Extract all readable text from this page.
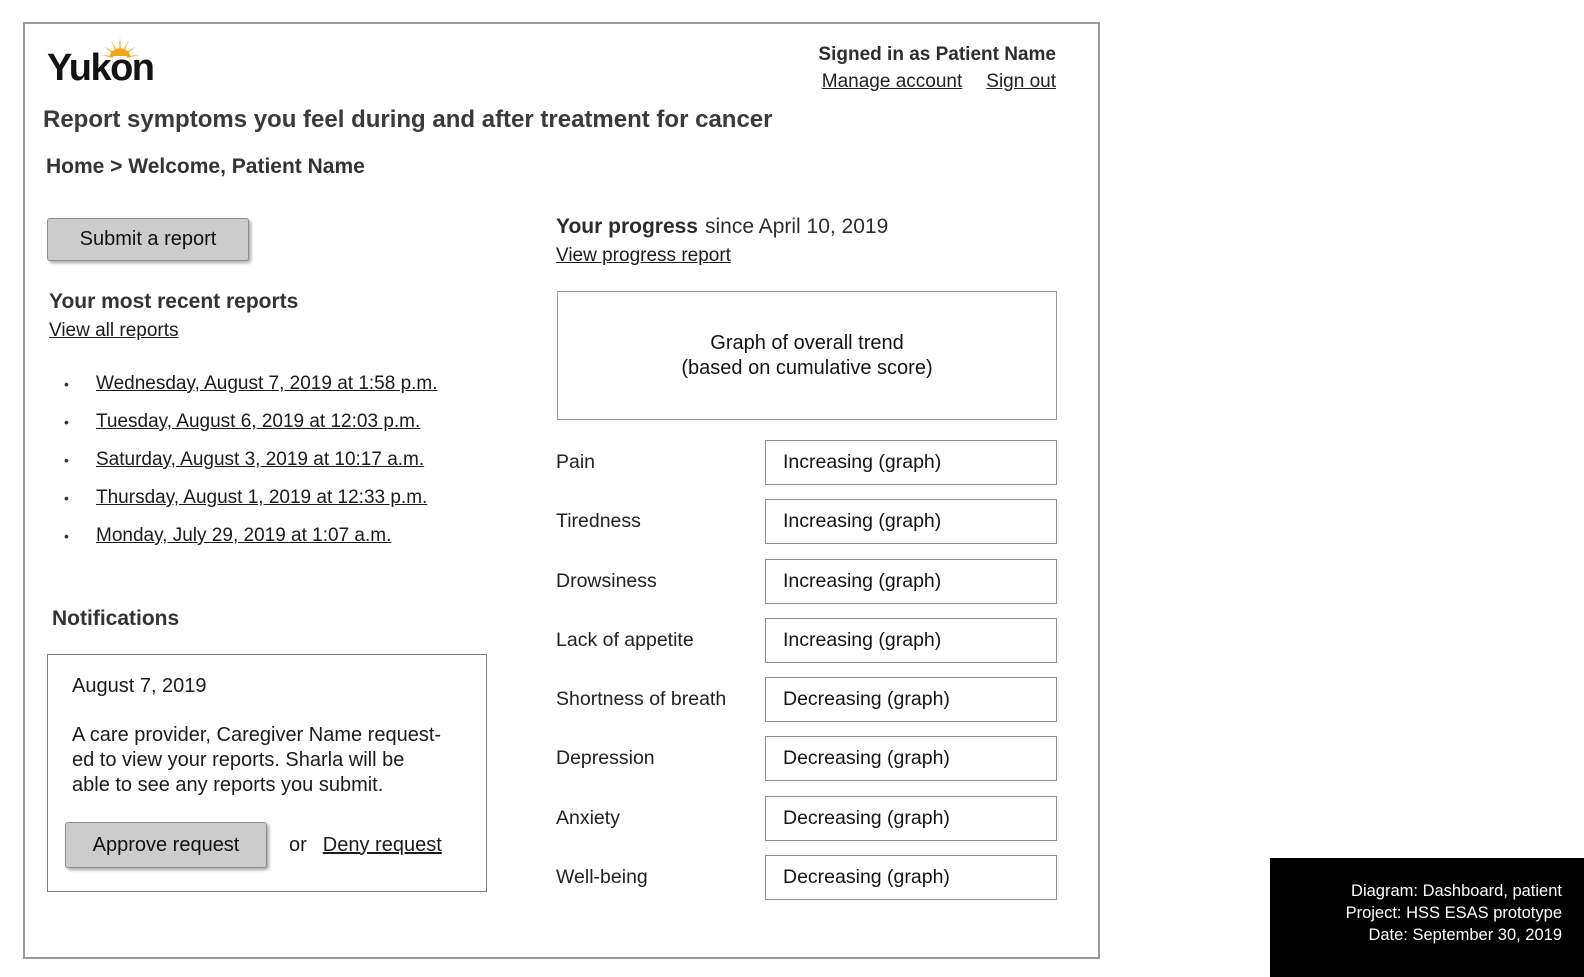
Yukon	Signed in as Patient Name
Manage account Sign out
Report symptoms you feel during and after treatment for cancer
Home > Welcome, Patient Name
Submit a report
Your most recent reports
View all reports
•	Wednesday, August 7, 2019 at 1:58 p.m.
•	Tuesday, August 6, 2019 at 12:03 p.m.
•	Saturday, August 3, 2019 at 10:17 a.m.
•	Thursday, August 1, 2019 at 12:33 p.m.
•	Monday, July 29, 2019 at 1:07 a.m.
Notifications
August 7, 2019
A care provider, Caregiver Name request-
ed to view your reports. Sharla will be
able to see any reports you submit.
Approve request	or Deny request
Your progress since April 10, 2019
View progress report
Graph of overall trend
(based on cumulative score)
Pain	Increasing (graph)
Tiredness	Increasing (graph)
Drowsiness	Increasing (graph)
Lack of appetite	Increasing (graph)
Shortness of breath	Decreasing (graph)
Depression	Decreasing (graph)
Anxiety	Decreasing (graph)
Well-being	Decreasing (graph)
Diagram: Dashboard, patient
Project: HSS ESAS prototype
Date: September 30, 2019
